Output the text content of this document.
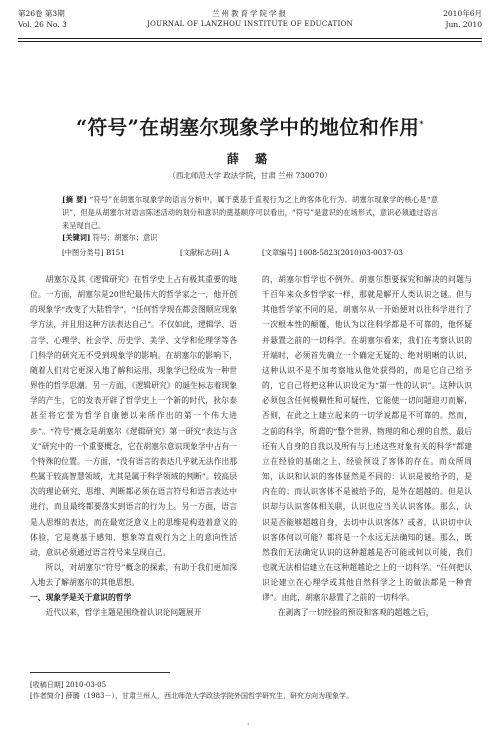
第26卷 第3期
Vol. 26 No. 3
兰州教育学院学报
JOURNAL OF LANZHOU INSTITUTE OF EDUCATION
2010年6月
Jun. 2010
“符号”在胡塞尔现象学中的地位和作用*
薛 璐
（西北师范大学 政法学院，甘肃 兰州 730070）
[摘 要] “符号”在胡塞尔现象学的语言分析中，属于奠基于直观行为之上的客体化行为。胡塞尔现象学的核心是“意识”，但是从胡塞尔对语言陈述活动的划分和意识的奠基顺序可以看出，“符号”是意识的在场形式，意识必须通过语言来呈现自己。
[关键词] 符号；胡塞尔；意识
[中图分类号] B151	[文献标志码] A	[文章编号] 1008-5823(2010)03-0037-03

胡塞尔及其《逻辑研究》在哲学史上占有极其重要的地位。一方面，胡塞尔是20世纪最伟大的哲学家之一，他开创的现象学“改变了大陆哲学”，“任何哲学现在都会图顺应现象学方法，并且用这种方法表达自己”。不仅如此，逻辑学、语言学、心理学、社会学、历史学、美学、文学和伦理学等各门科学的研究无不受到现象学的影响。在胡塞尔的影响下，随着人们对它更深入地了解和运用，现象学已经成为一种世界性的哲学思潮。另一方面，《逻辑研究》的诞生标志着现象学的产生，它的发表开辟了哲学史上一个新的时代，狄尔泰甚至将它誉为哲学自康德以来所作出的第一个伟大进步”。“符号”概念是胡塞尔《逻辑研究》第一研究“表达与含义”研究中的一个重要概念，它在胡塞尔意识现象学中占有一个特殊的位置。一方面，“没有语言的表达几乎就无法作出那些属于较高智慧领域，尤其是属于科学领域的判断”。较高层次的理论研究、思维、判断都必须在语言符号和语言表达中进行，而且最终都要落实到语言的行为上。另一方面，语言是人思维的表达，而在最宽泛意义上的思维是构造着意义的体验，它是奠基于感知、想象等直观行为之上的意向性活动，意识必须通过语言符号来呈现自己。

所以，对胡塞尔“符号”概念的探索，有助于我们更加深入地去了解胡塞尔的其他思想。

一、现象学是关于意识的哲学

近代以来，哲学主题是围绕着认识论问题展开

的，胡塞尔哲学也不例外。胡塞尔想要探究和解决的问题与千百年来众多哲学家一样，那就是解开人类认识之谜。但与其他哲学家不同的是，胡塞尔从一开始便对以往科学进行了一次根本性的颠覆，他认为以往科学都是不可靠的，他怀疑并悬置之前的一切科学。在胡塞尔看来，我们在考察认识的开端时，必须首先确立一个确定无疑的、绝对明晰的认识，这种认识不是不加考察地从他处获得的，而是它自己给予的，它自己将把这种认识设定为“第一性的认识”。这种认识必须包含任何模糊性和可疑性，它能使一切问题迎刃而解，否则，在此之上建立起来的一切学说都是不可靠的。然而，之前的科学，所谓的“整个世界、物理的和心理的自然、最后还有人自身的自我以及所有与上述这些对象有关的科学”都建立在经验的基础之上，经验预设了客体的存在。而众所周知，认识和认识的客体显然是不同的：认识是被给予的，是内在的；而认识客体不是被给予的，是外在超越的。但是认识却与认识客体相关联，认识也应当关认识客体。那么，认识是否能够超越自身，去切中认识客体？或者，认识切中认识客体何以可能？都将是一个永远无法确知的谜。那么，既然我们无法确定认识的这种超越是否可能或何以可能，我们也就无法相信建立在这种超越论之上的一切科学。“任何把认识论建立在心理学或其他自然科学之上的做法都是一种背谬”。由此，胡塞尔悬置了之前的一切科学。

在剥离了一切经验的预设和客观的超越之后，

[收稿日期] 2010-03-05
[作者简介] 薛璐（1983－），甘肃兰州人，西北师范大学政法学院外国哲学研究生，研究方向为现象学。
·
